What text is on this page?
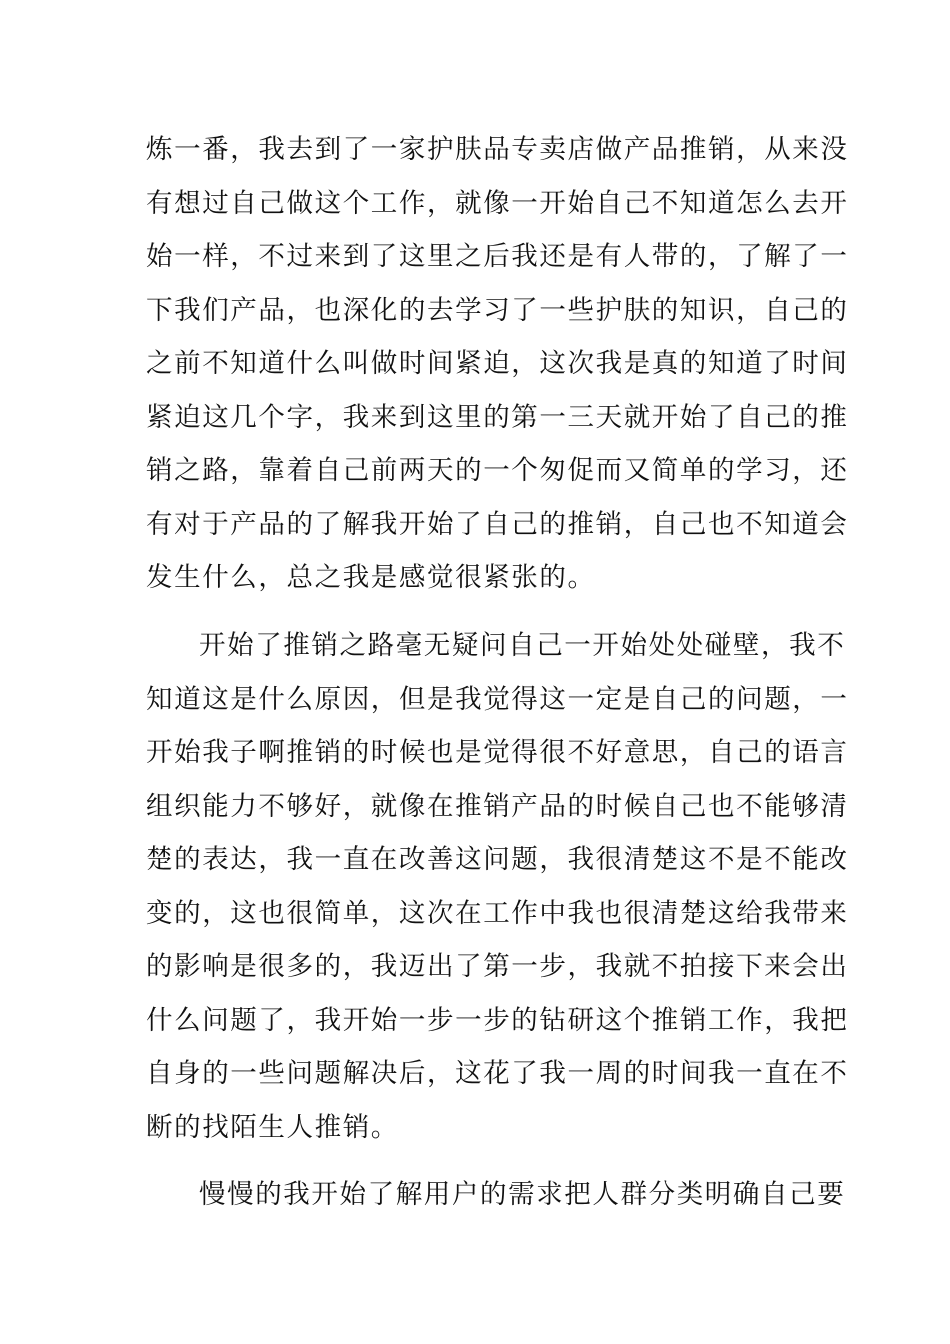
炼一番，我去到了一家护肤品专卖店做产品推销，从来没
有想过自己做这个工作，就像一开始自己不知道怎么去开
始一样，不过来到了这里之后我还是有人带的，了解了一
下我们产品，也深化的去学习了一些护肤的知识，自己的
之前不知道什么叫做时间紧迫，这次我是真的知道了时间
紧迫这几个字，我来到这里的第一三天就开始了自己的推
销之路，靠着自己前两天的一个匆促而又简单的学习，还
有对于产品的了解我开始了自己的推销，自己也不知道会
发生什么，总之我是感觉很紧张的。
开始了推销之路毫无疑问自己一开始处处碰壁，我不
知道这是什么原因，但是我觉得这一定是自己的问题，一
开始我子啊推销的时候也是觉得很不好意思，自己的语言
组织能力不够好，就像在推销产品的时候自己也不能够清
楚的表达，我一直在改善这问题，我很清楚这不是不能改
变的，这也很简单，这次在工作中我也很清楚这给我带来
的影响是很多的，我迈出了第一步，我就不拍接下来会出
什么问题了，我开始一步一步的钻研这个推销工作，我把
自身的一些问题解决后，这花了我一周的时间我一直在不
断的找陌生人推销。
慢慢的我开始了解用户的需求把人群分类明确自己要
